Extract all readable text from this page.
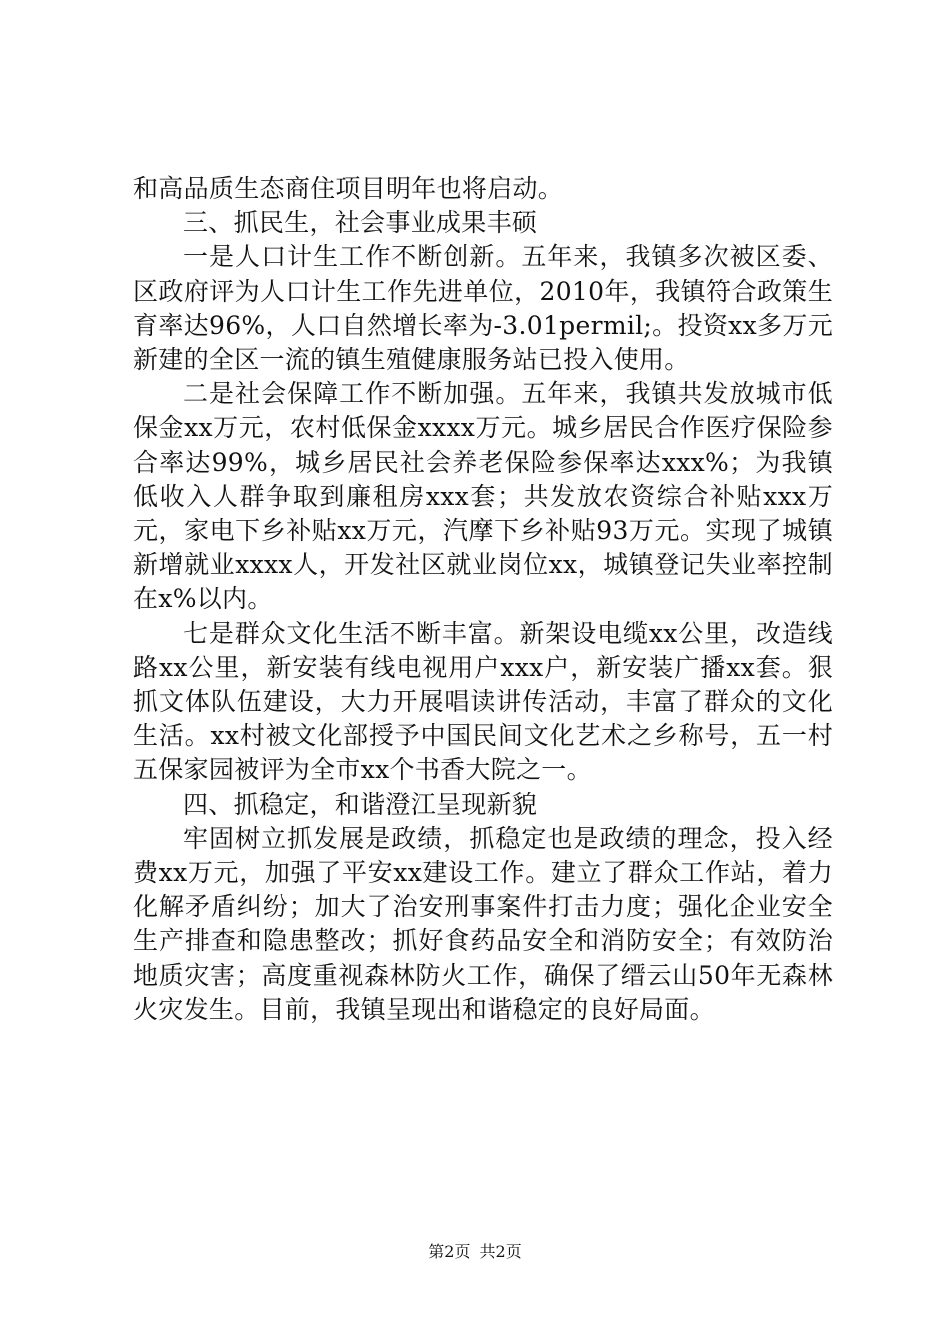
和高品质生态商住项目明年也将启动。

三、抓民生，社会事业成果丰硕

一是人口计生工作不断创新。五年来，我镇多次被区委、区政府评为人口计生工作先进单位，2010年，我镇符合政策生育率达96%，人口自然增长率为-3.01permil;。投资xx多万元新建的全区一流的镇生殖健康服务站已投入使用。

二是社会保障工作不断加强。五年来，我镇共发放城市低保金xx万元，农村低保金xxxx万元。城乡居民合作医疗保险参合率达99%，城乡居民社会养老保险参保率达xxx%；为我镇低收入人群争取到廉租房xxx套；共发放农资综合补贴xxx万元，家电下乡补贴xx万元，汽摩下乡补贴93万元。实现了城镇新增就业xxxx人，开发社区就业岗位xx，城镇登记失业率控制在x%以内。

七是群众文化生活不断丰富。新架设电缆xx公里，改造线路xx公里，新安装有线电视用户xxx户，新安装广播xx套。狠抓文体队伍建设，大力开展唱读讲传活动，丰富了群众的文化生活。xx村被文化部授予中国民间文化艺术之乡称号，五一村五保家园被评为全市xx个书香大院之一。

四、抓稳定，和谐澄江呈现新貌

牢固树立抓发展是政绩，抓稳定也是政绩的理念，投入经费xx万元，加强了平安xx建设工作。建立了群众工作站，着力化解矛盾纠纷；加大了治安刑事案件打击力度；强化企业安全生产排查和隐患整改；抓好食药品安全和消防安全；有效防治地质灾害；高度重视森林防火工作，确保了缙云山50年无森林火灾发生。目前，我镇呈现出和谐稳定的良好局面。

第2页 共2页
